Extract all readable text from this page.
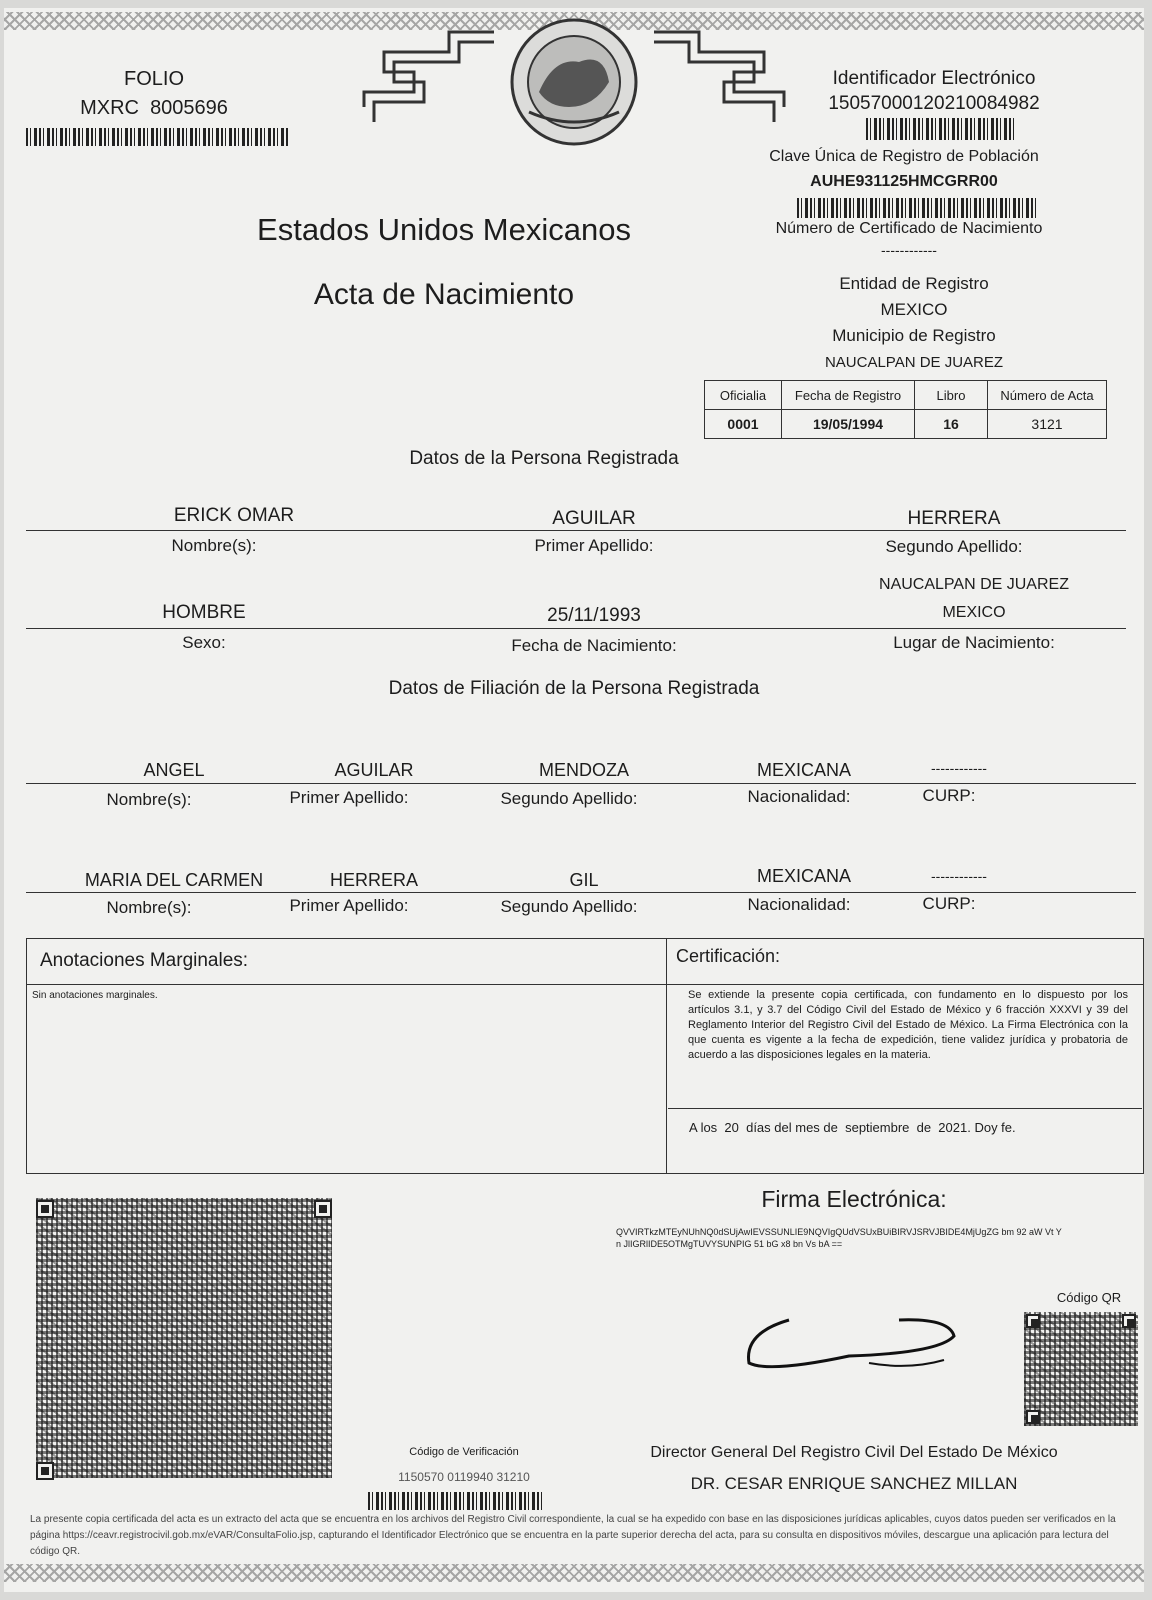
FOLIO
MXRC  8005696
Identificador Electrónico
15057000120210084982
Clave Única de Registro de Población
AUHE931125HMCGRR00
Número de Certificado de Nacimiento
------------
Entidad de Registro
MEXICO
Municipio de Registro
NAUCALPAN DE JUAREZ
Estados Unidos Mexicanos
Acta de Nacimiento
Oficialia	Fecha de Registro	Libro	Número de Acta
0001	19/05/1994	16	3121
Datos de la Persona Registrada
ERICK OMAR	AGUILAR	HERRERA
Nombre(s):	Primer Apellido:	Segundo Apellido:
NAUCALPAN DE JUAREZ
HOMBRE	25/11/1993	MEXICO
Sexo:	Fecha de Nacimiento:	Lugar de Nacimiento:
Datos de Filiación de la Persona Registrada
ANGEL	AGUILAR	MENDOZA	MEXICANA	------------
Nombre(s):	Primer Apellido:	Segundo Apellido:	Nacionalidad:	CURP:
MARIA DEL CARMEN	HERRERA	GIL	MEXICANA	------------
Nombre(s):	Primer Apellido:	Segundo Apellido:	Nacionalidad:	CURP:
Anotaciones Marginales:
Sin anotaciones marginales.
Certificación:
Se extiende la presente copia certificada, con fundamento en lo dispuesto por los artículos 3.1, y 3.7 del Código Civil del Estado de México y 6 fracción XXXVI y 39 del Reglamento Interior del Registro Civil del Estado de México. La Firma Electrónica con la que cuenta es vigente a la fecha de expedición, tiene validez jurídica y probatoria de acuerdo a las disposiciones legales en la materia.
A los  20  días del mes de  septiembre  de  2021. Doy fe.
Firma Electrónica:
QVVIRTkzMTEyNUhNQ0dSUjAwIEVSSUNLIE9NQVIgQUdVSUxBUiBIRVJSRVJBIDE4MjUgZG bm 92 aW Vt Yn JlIGRlIDE5OTMgTUVYSUNPIG 51 bG x8 bn Vs bA ==
Código QR
Código de Verificación
1150570 0119940 31210
Director General Del Registro Civil Del Estado De México
DR. CESAR ENRIQUE SANCHEZ MILLAN
La presente copia certificada del acta es un extracto del acta que se encuentra en los archivos del Registro Civil correspondiente, la cual se ha expedido con base en las disposiciones jurídicas aplicables, cuyos datos pueden ser verificados en la página https://ceavr.registrocivil.gob.mx/eVAR/ConsultaFolio.jsp, capturando el Identificador Electrónico que se encuentra en la parte superior derecha del acta, para su consulta en dispositivos móviles, descargue una aplicación para lectura del código QR.
